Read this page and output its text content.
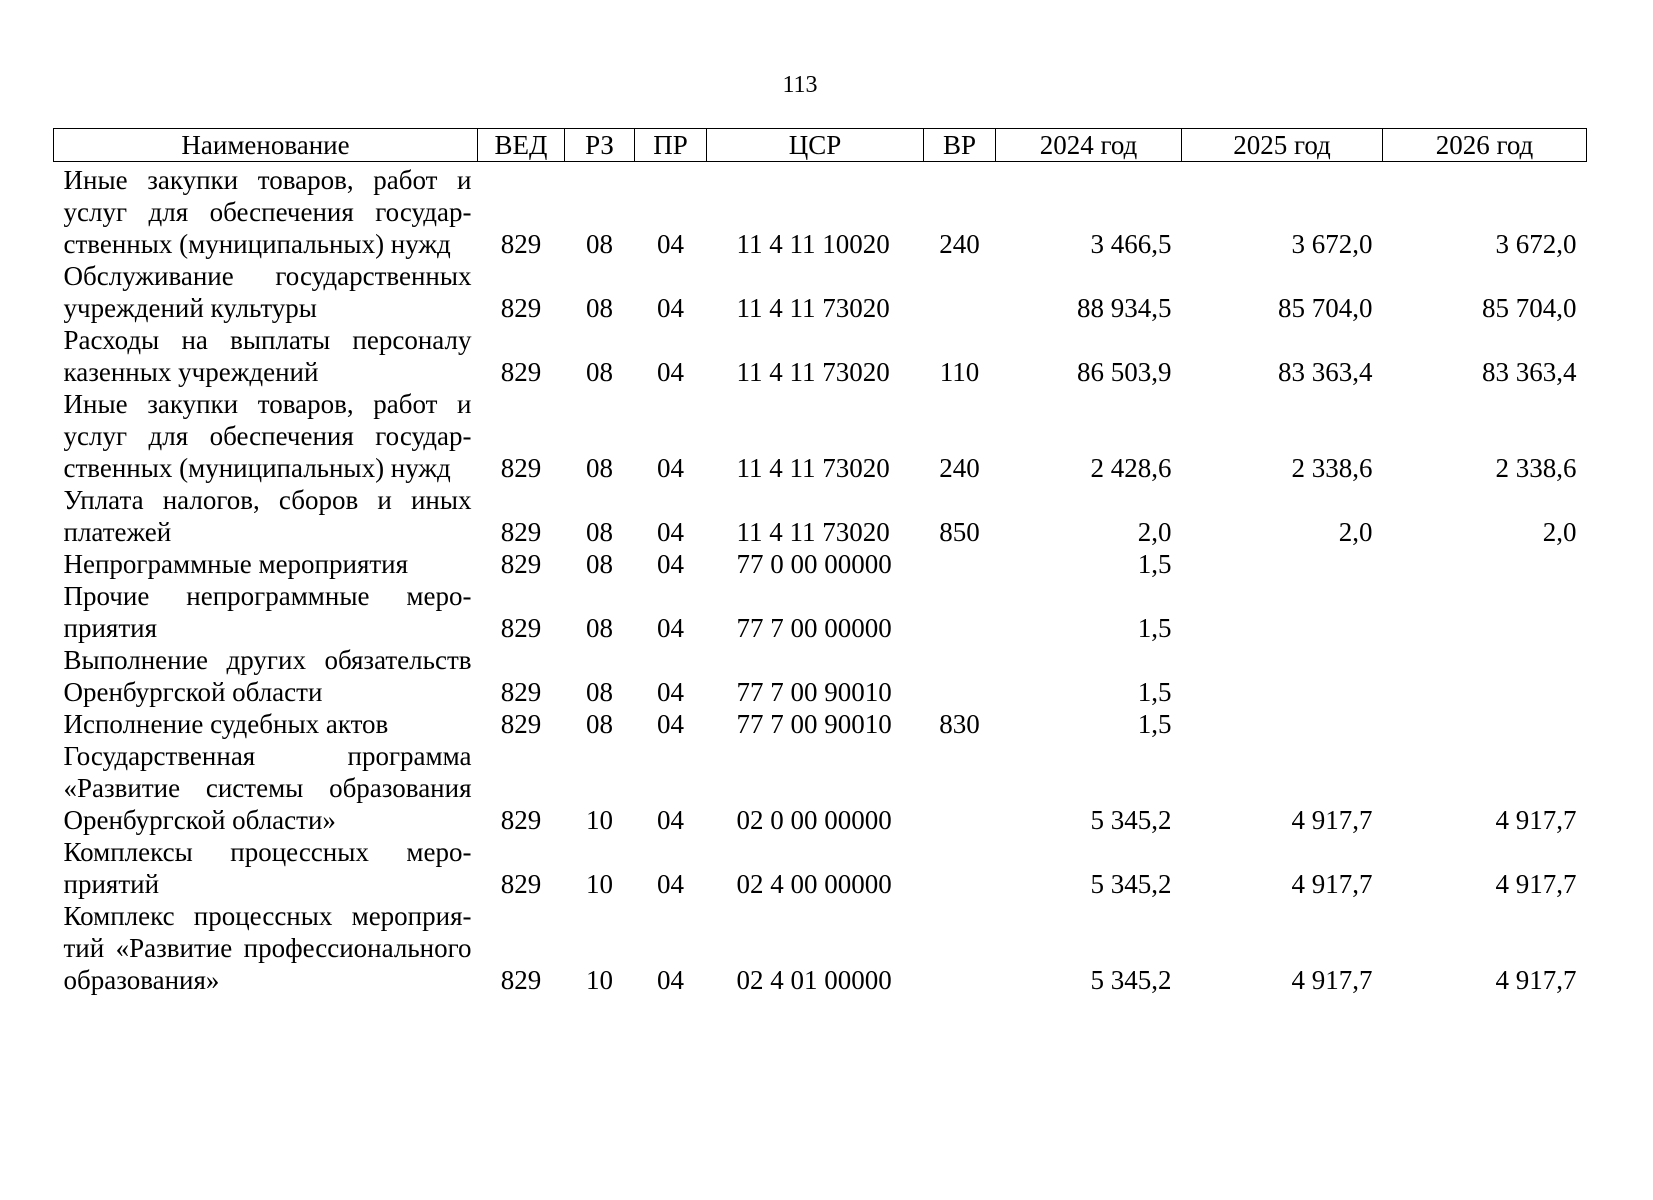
113
Наименование	ВЕД	РЗ	ПР	ЦСР	ВР	2024 год	2025 год	2026 год
Иные закупки товаров, работ и услуг для обеспечения государственных (муниципальных) нужд	829	08	04	11 4 11 10020	240	3 466,5	3 672,0	3 672,0
Обслуживание государственных учреждений культуры	829	08	04	11 4 11 73020		88 934,5	85 704,0	85 704,0
Расходы на выплаты персоналу казенных учреждений	829	08	04	11 4 11 73020	110	86 503,9	83 363,4	83 363,4
Иные закупки товаров, работ и услуг для обеспечения государственных (муниципальных) нужд	829	08	04	11 4 11 73020	240	2 428,6	2 338,6	2 338,6
Уплата налогов, сборов и иных платежей	829	08	04	11 4 11 73020	850	2,0	2,0	2,0
Непрограммные мероприятия	829	08	04	77 0 00 00000		1,5		
Прочие непрограммные мероприятия	829	08	04	77 7 00 00000		1,5		
Выполнение других обязательств Оренбургской области	829	08	04	77 7 00 90010		1,5		
Исполнение судебных актов	829	08	04	77 7 00 90010	830	1,5		
Государственная программа «Развитие системы образования Оренбургской области»	829	10	04	02 0 00 00000		5 345,2	4 917,7	4 917,7
Комплексы процессных мероприятий	829	10	04	02 4 00 00000		5 345,2	4 917,7	4 917,7
Комплекс процессных мероприятий «Развитие профессионального образования»	829	10	04	02 4 01 00000		5 345,2	4 917,7	4 917,7
